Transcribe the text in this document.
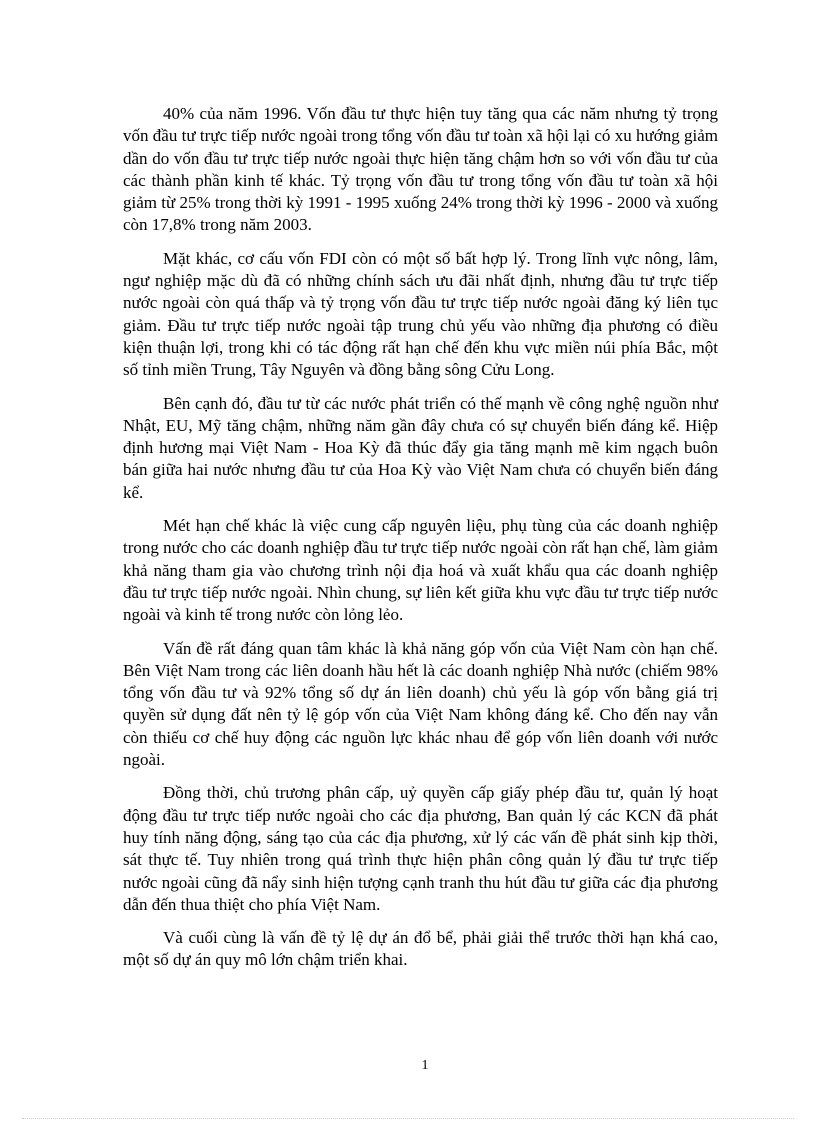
40% của năm 1996. Vốn đầu tư thực hiện tuy tăng qua các năm nhưng tỷ trọng vốn đầu tư trực tiếp nước ngoài trong tổng vốn đầu tư toàn xã hội lại có xu hướng giảm dần do vốn đầu tư trực tiếp nước ngoài thực hiện tăng chậm hơn so với vốn đầu tư của các thành phần kinh tế khác. Tỷ trọng vốn đầu tư trong tổng vốn đầu tư toàn xã hội giảm từ 25% trong thời kỳ 1991 - 1995 xuống 24% trong thời kỳ 1996 - 2000 và xuống còn 17,8% trong năm 2003.

Mặt khác, cơ cấu vốn FDI còn có một số bất hợp lý. Trong lĩnh vực nông, lâm, ngư nghiệp mặc dù đã có những chính sách ưu đãi nhất định, nhưng đầu tư trực tiếp nước ngoài còn quá thấp và tỷ trọng vốn đầu tư trực tiếp nước ngoài đăng ký liên tục giảm. Đầu tư trực tiếp nước ngoài tập trung chủ yếu vào những địa phương có điều kiện thuận lợi, trong khi có tác động rất hạn chế đến khu vực miền núi phía Bắc, một số tỉnh miền Trung, Tây Nguyên và đồng bằng sông Cửu Long.

Bên cạnh đó, đầu tư từ các nước phát triển có thế mạnh về công nghệ nguồn như Nhật, EU, Mỹ tăng chậm, những năm gần đây chưa có sự chuyển biến đáng kể. Hiệp định hương mại Việt Nam - Hoa Kỳ đã thúc đẩy gia tăng mạnh mẽ kim ngạch buôn bán giữa hai nước nhưng đầu tư của Hoa Kỳ vào Việt Nam chưa có chuyển biến đáng kể.

Mét hạn chế khác là việc cung cấp nguyên liệu, phụ tùng của các doanh nghiệp trong nước cho các doanh nghiệp đầu tư trực tiếp nước ngoài còn rất hạn chế, làm giảm khả năng tham gia vào chương trình nội địa hoá và xuất khẩu qua các doanh nghiệp đầu tư trực tiếp nước ngoài. Nhìn chung, sự liên kết giữa khu vực đầu tư trực tiếp nước ngoài và kinh tế trong nước còn lỏng lẻo.

Vấn đề rất đáng quan tâm khác là khả năng góp vốn của Việt Nam còn hạn chế. Bên Việt Nam trong các liên doanh hầu hết là các doanh nghiệp Nhà nước (chiếm 98% tổng vốn đầu tư và 92% tổng số dự án liên doanh) chủ yếu là góp vốn bằng giá trị quyền sử dụng đất nên tỷ lệ góp vốn của Việt Nam không đáng kể. Cho đến nay vẫn còn thiếu cơ chế huy động các nguồn lực khác nhau để góp vốn liên doanh với nước ngoài.

Đồng thời, chủ trương phân cấp, uỷ quyền cấp giấy phép đầu tư, quản lý hoạt động đầu tư trực tiếp nước ngoài cho các địa phương, Ban quản lý các KCN đã phát huy tính năng động, sáng tạo của các địa phương, xử lý các vấn đề phát sinh kịp thời, sát thực tế. Tuy nhiên trong quá trình thực hiện phân công quản lý đầu tư trực tiếp nước ngoài cũng đã nẩy sinh hiện tượng cạnh tranh thu hút đầu tư giữa các địa phương dẫn đến thua thiệt cho phía Việt Nam.

Và cuối cùng là vấn đề tỷ lệ dự án đổ bể, phải giải thể trước thời hạn khá cao, một số dự án quy mô lớn chậm triển khai.

1
